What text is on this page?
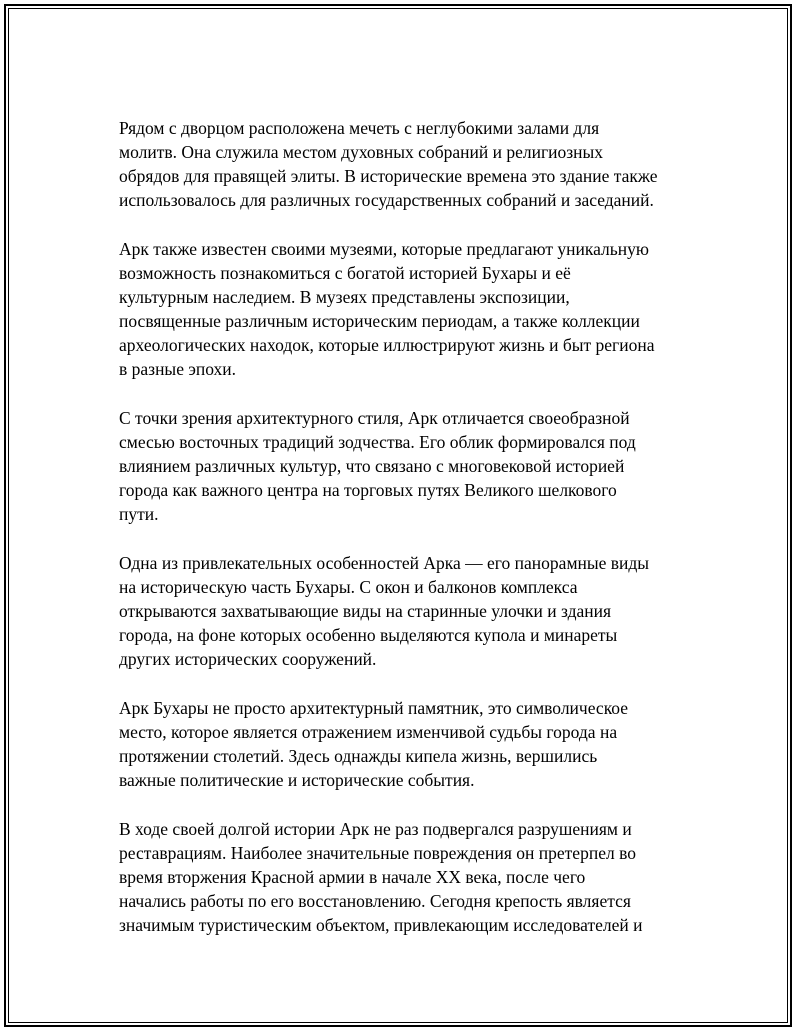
Рядом с дворцом расположена мечеть с неглубокими залами для
молитв. Она служила местом духовных собраний и религиозных
обрядов для правящей элиты. В исторические времена это здание также
использовалось для различных государственных собраний и заседаний.

Арк также известен своими музеями, которые предлагают уникальную
возможность познакомиться с богатой историей Бухары и её
культурным наследием. В музеях представлены экспозиции,
посвященные различным историческим периодам, а также коллекции
археологических находок, которые иллюстрируют жизнь и быт региона
в разные эпохи.

С точки зрения архитектурного стиля, Арк отличается своеобразной
смесью восточных традиций зодчества. Его облик формировался под
влиянием различных культур, что связано с многовековой историей
города как важного центра на торговых путях Великого шелкового
пути.

Одна из привлекательных особенностей Арка — его панорамные виды
на историческую часть Бухары. С окон и балконов комплекса
открываются захватывающие виды на старинные улочки и здания
города, на фоне которых особенно выделяются купола и минареты
других исторических сооружений.

Арк Бухары не просто архитектурный памятник, это символическое
место, которое является отражением изменчивой судьбы города на
протяжении столетий. Здесь однажды кипела жизнь, вершились
важные политические и исторические события.

В ходе своей долгой истории Арк не раз подвергался разрушениям и
реставрациям. Наиболее значительные повреждения он претерпел во
время вторжения Красной армии в начале XX века, после чего
начались работы по его восстановлению. Сегодня крепость является
значимым туристическим объектом, привлекающим исследователей и
